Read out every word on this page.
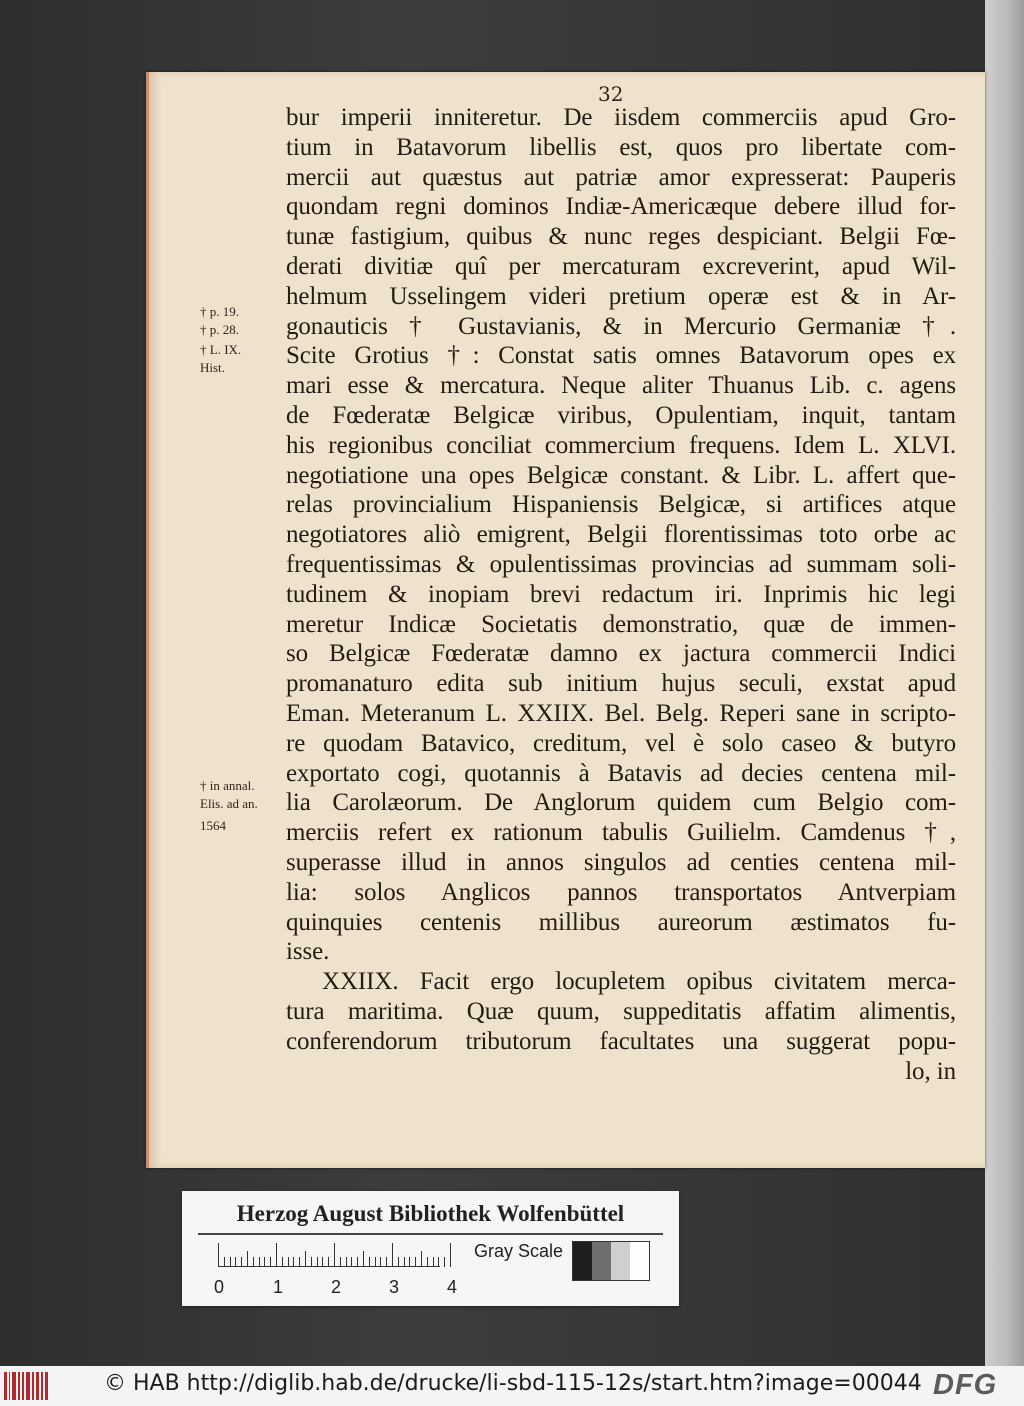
32
bur imperii inniteretur. De iisdem commerciis apud Gro-
tium in Batavorum libellis est, quos pro libertate com-
mercii aut quæstus aut patriæ amor expresserat: Pauperis
quondam regni dominos Indiæ-Americæque debere illud for-
tunæ fastigium, quibus & nunc reges despiciant. Belgii Fœ-
derati divitiæ quî per mercaturam excreverint, apud Wil-
helmum Usselingem videri pretium operæ est & in Ar-
gonauticis † Gustavianis, & in Mercurio Germaniæ †.
Scite Grotius †: Constat satis omnes Batavorum opes ex
mari esse & mercatura. Neque aliter Thuanus Lib. c. agens
de Fœderatæ Belgicæ viribus, Opulentiam, inquit, tantam
his regionibus conciliat commercium frequens. Idem L. XLVI.
negotiatione una opes Belgicæ constant. & Libr. L. affert que-
relas provincialium Hispaniensis Belgicæ, si artifices atque
negotiatores aliò emigrent, Belgii florentissimas toto orbe ac
frequentissimas & opulentissimas provincias ad summam soli-
tudinem & inopiam brevi redactum iri. Inprimis hic legi
meretur Indicæ Societatis demonstratio, quæ de immen-
so Belgicæ Fœderatæ damno ex jactura commercii Indici
promanaturo edita sub initium hujus seculi, exstat apud
Eman. Meteranum L. XXIIX. Bel. Belg. Reperi sane in scripto-
re quodam Batavico, creditum, vel è solo caseo & butyro
exportato cogi, quotannis à Batavis ad decies centena mil-
lia Carolæorum. De Anglorum quidem cum Belgio com-
merciis refert ex rationum tabulis Guilielm. Camdenus †,
superasse illud in annos singulos ad centies centena mil-
lia: solos Anglicos pannos transportatos Antverpiam
quinquies centenis millibus aureorum æstimatos fu-
isse.
XXIIX. Facit ergo locupletem opibus civitatem merca-
tura maritima. Quæ quum, suppeditatis affatim alimentis,
conferendorum tributorum facultates una suggerat popu-
lo, in
† p. 19.
† p. 28.
† L. IX.
Hist.
† in annal.
Elis. ad an.
1564
Herzog August Bibliothek Wolfenbüttel
0	1	2	3	4
Gray Scale
© HAB http://diglib.hab.de/drucke/li-sbd-115-12s/start.htm?image=00044 DFG
